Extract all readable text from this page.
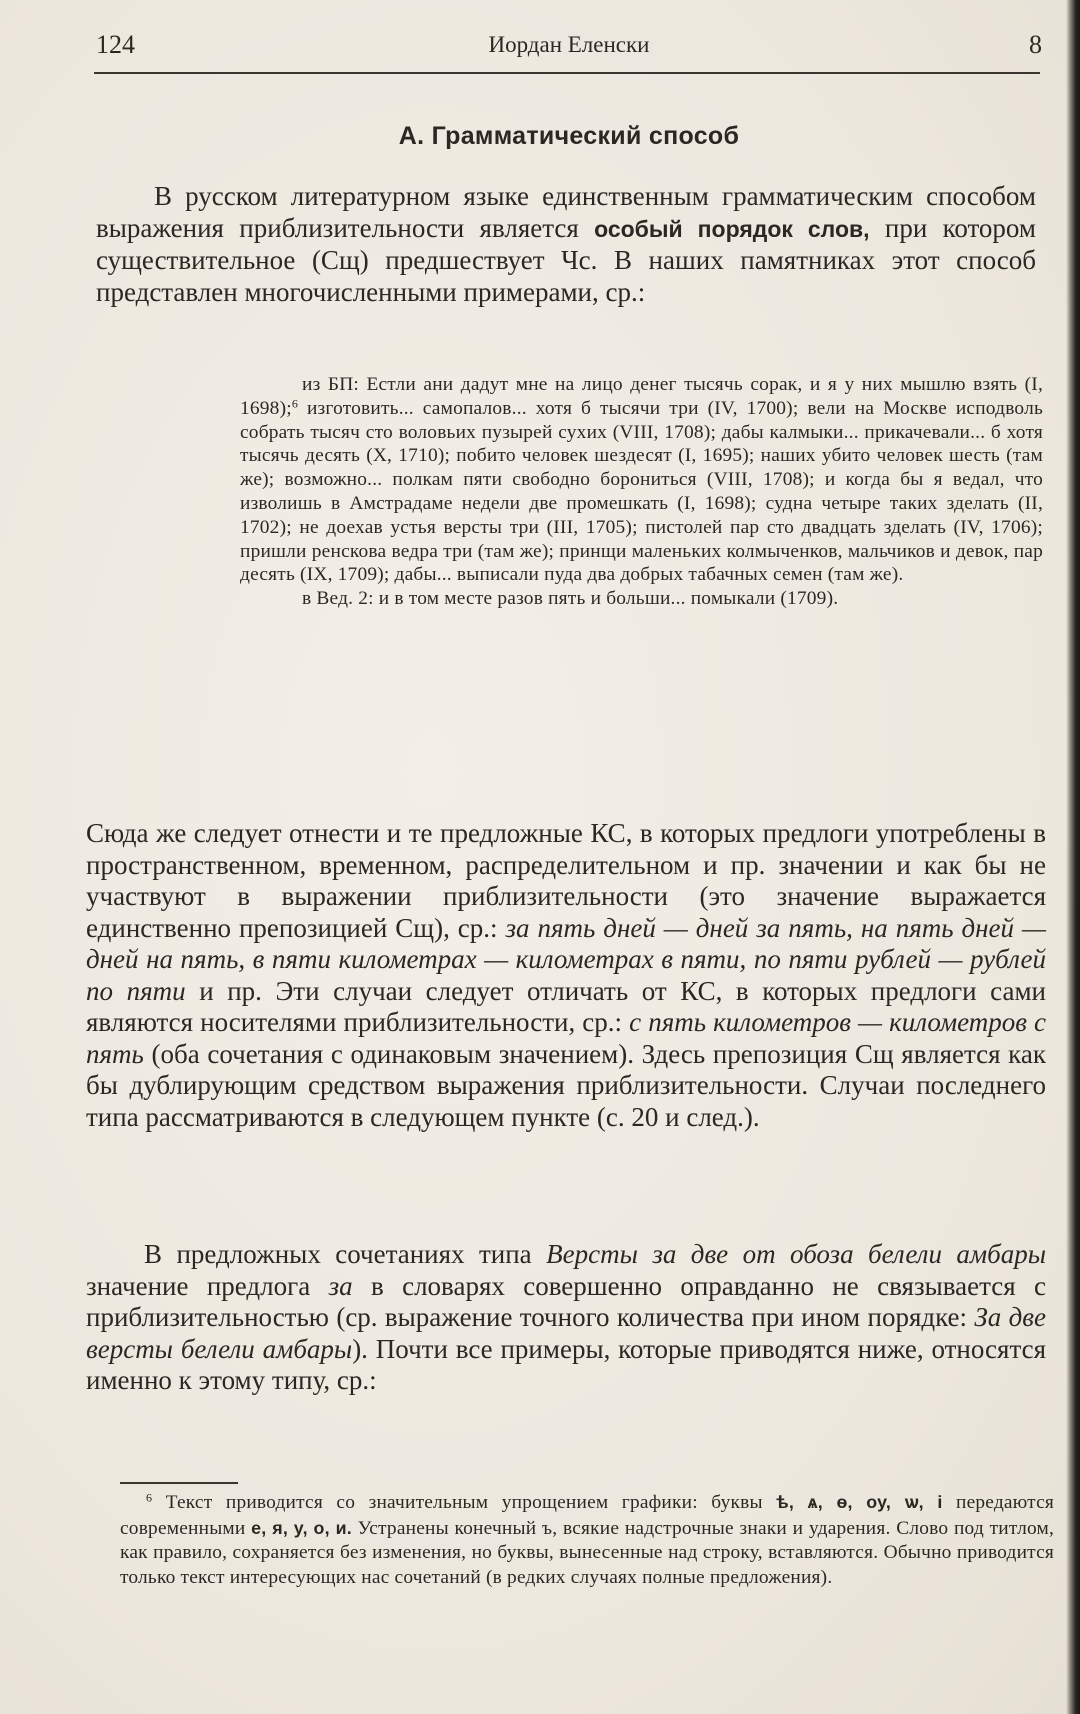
124	Иордан Еленски	8
А. Грамматический способ
В русском литературном языке единственным грамматическим способом выражения приблизительности является особый порядок слов, при котором существительное (Сщ) предшествует Чс. В наших памятниках этот способ представлен многочисленными примерами, ср.:
из БП: Естли ани дадут мне на лицо денег тысячь сорак, и я у них мышлю взять (I, 1698);$^6$ изготовить... самопалов... хотя б тысячи три (IV, 1700); вели на Москве исподволь собрать тысяч сто воловьих пузырей сухих (VIII, 1708); дабы калмыки... прикачевали... б хотя тысячь десять (X, 1710); побито человек шездесят (I, 1695); наших убито человек шесть (там же); возможно... полкам пяти свободно борониться (VIII, 1708); и когда бы я ведал, что изволишь в Амстрадаме недели две промешкать (I, 1698); судна четыре таких зделать (II, 1702); не доехав устья версты три (III, 1705); пистолей пар сто двадцать зделать (IV, 1706); пришли ренскова ведра три (там же); принщи маленьких колмыченков, мальчиков и девок, пар десять (IX, 1709); дабы... выписали пуда два добрых табачных семен (там же).
в Вед. 2: и в том месте разов пять и больши... помыкали (1709).
Сюда же следует отнести и те предложные КС, в которых предлоги употреблены в пространственном, временном, распределительном и пр. значении и как бы не участвуют в выражении приблизительности (это значение выражается единственно препозицией Сщ), ср.: за пять дней — дней за пять, на пять дней — дней на пять, в пяти километрах — километрах в пяти, по пяти рублей — рублей по пяти и пр. Эти случаи следует отличать от КС, в которых предлоги сами являются носителями приблизительности, ср.: с пять километров — километров с пять (оба сочетания с одинаковым значением). Здесь препозиция Сщ является как бы дублирующим средством выражения приблизительности. Случаи последнего типа рассматриваются в следующем пункте (с. 20 и след.).
В предложных сочетаниях типа Версты за две от обоза белели амбары значение предлога за в словарях совершенно оправданно не связывается с приблизительностью (ср. выражение точного количества при ином порядке: За две версты белели амбары). Почти все примеры, которые приводятся ниже, относятся именно к этому типу, ср.:
$^6$ Текст приводится со значительным упрощением графики: буквы ѣ, ѧ, ѳ, оу, ѡ, і передаются современными е, я, у, о, и. Устранены конечный ъ, всякие надстрочные знаки и ударения. Слово под титлом, как правило, сохраняется без изменения, но буквы, вынесенные над строку, вставляются. Обычно приводится только текст интересующих нас сочетаний (в редких случаях полные предложения).
